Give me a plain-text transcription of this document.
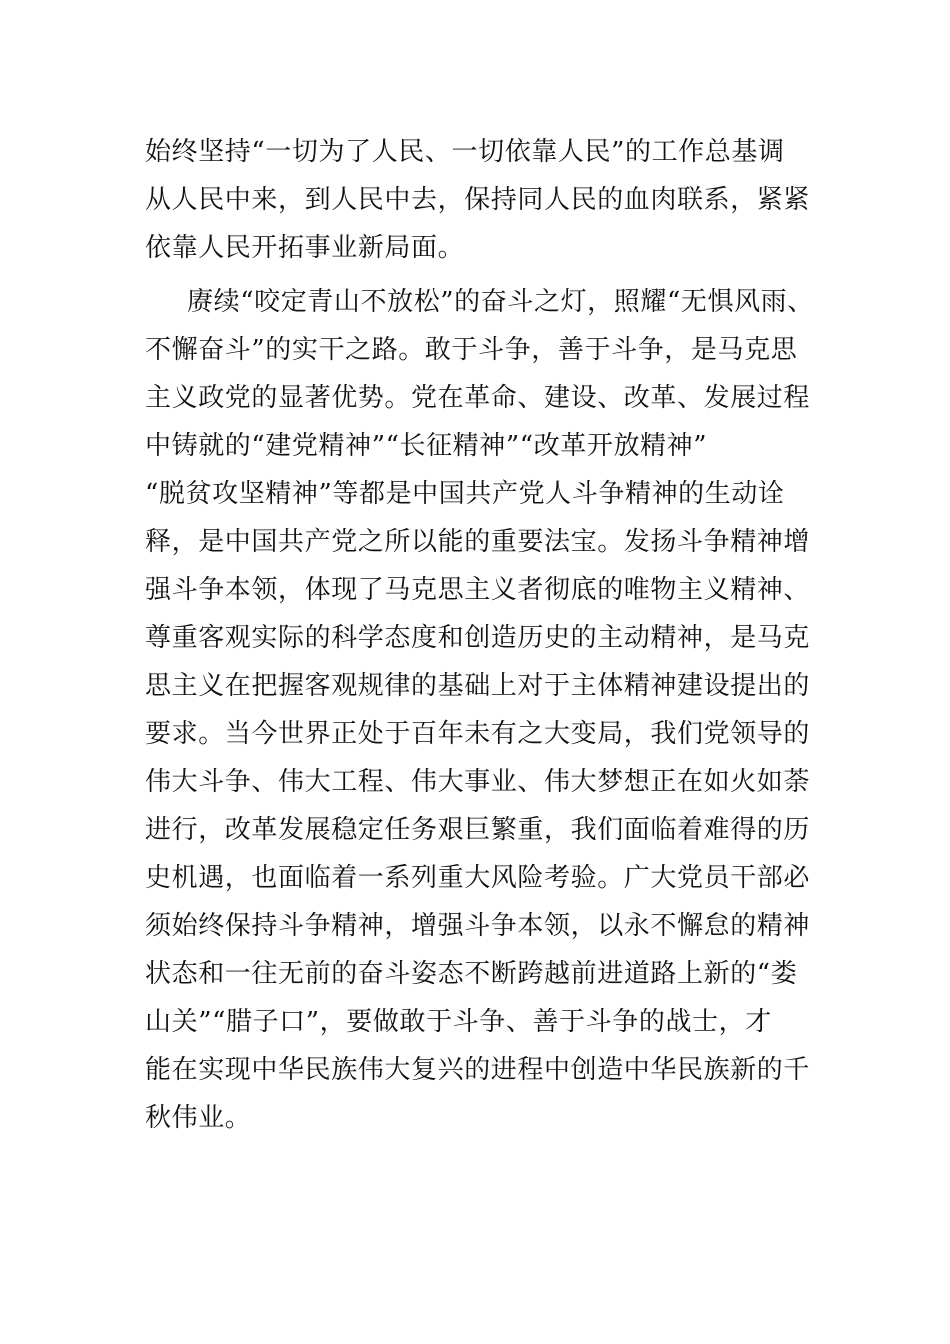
始终坚持“一切为了人民、一切依靠人民”的工作总基调
从人民中来，到人民中去，保持同人民的血肉联系，紧紧
依靠人民开拓事业新局面。
赓续“咬定青山不放松”的奋斗之灯，照耀“无惧风雨、
不懈奋斗”的实干之路。敢于斗争，善于斗争，是马克思
主义政党的显著优势。党在革命、建设、改革、发展过程
中铸就的“建党精神”“长征精神”“改革开放精神”
“脱贫攻坚精神”等都是中国共产党人斗争精神的生动诠
释，是中国共产党之所以能的重要法宝。发扬斗争精神增
强斗争本领，体现了马克思主义者彻底的唯物主义精神、
尊重客观实际的科学态度和创造历史的主动精神，是马克
思主义在把握客观规律的基础上对于主体精神建设提出的
要求。当今世界正处于百年未有之大变局，我们党领导的
伟大斗争、伟大工程、伟大事业、伟大梦想正在如火如荼
进行，改革发展稳定任务艰巨繁重，我们面临着难得的历
史机遇，也面临着一系列重大风险考验。广大党员干部必
须始终保持斗争精神，增强斗争本领，以永不懈怠的精神
状态和一往无前的奋斗姿态不断跨越前进道路上新的“娄
山关”“腊子口”，要做敢于斗争、善于斗争的战士，才
能在实现中华民族伟大复兴的进程中创造中华民族新的千
秋伟业。
